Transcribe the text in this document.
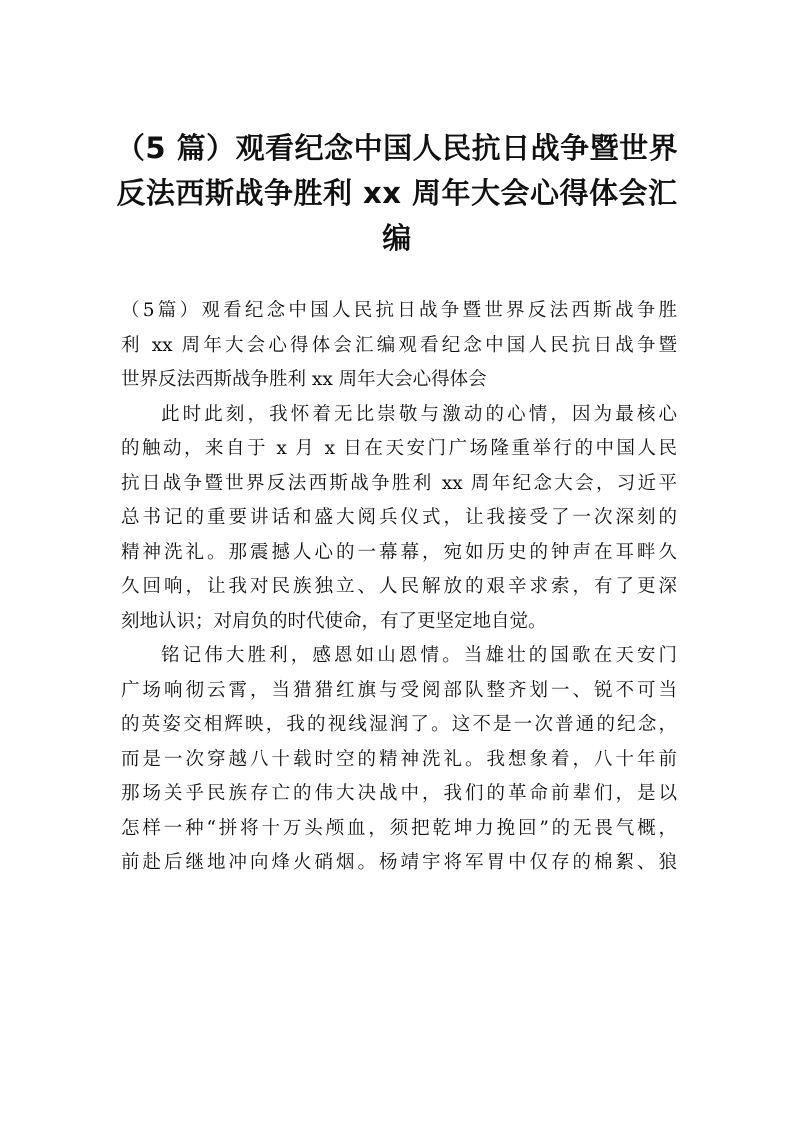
（5 篇）观看纪念中国人民抗日战争暨世界
反法西斯战争胜利 xx 周年大会心得体会汇
编

（5篇）观看纪念中国人民抗日战争暨世界反法西斯战争胜
利 xx 周年大会心得体会汇编观看纪念中国人民抗日战争暨
世界反法西斯战争胜利 xx 周年大会心得体会

此时此刻，我怀着无比崇敬与激动的心情，因为最核心
的触动，来自于 x 月 x 日在天安门广场隆重举行的中国人民
抗日战争暨世界反法西斯战争胜利 xx 周年纪念大会，习近平
总书记的重要讲话和盛大阅兵仪式，让我接受了一次深刻的
精神洗礼。那震撼人心的一幕幕，宛如历史的钟声在耳畔久
久回响，让我对民族独立、人民解放的艰辛求索，有了更深
刻地认识；对肩负的时代使命，有了更坚定地自觉。

铭记伟大胜利，感恩如山恩情。当雄壮的国歌在天安门
广场响彻云霄，当猎猎红旗与受阅部队整齐划一、锐不可当
的英姿交相辉映，我的视线湿润了。这不是一次普通的纪念，
而是一次穿越八十载时空的精神洗礼。我想象着，八十年前
那场关乎民族存亡的伟大决战中，我们的革命前辈们，是以
怎样一种“拼将十万头颅血，须把乾坤力挽回”的无畏气概，
前赴后继地冲向烽火硝烟。杨靖宇将军胃中仅存的棉絮、狼
